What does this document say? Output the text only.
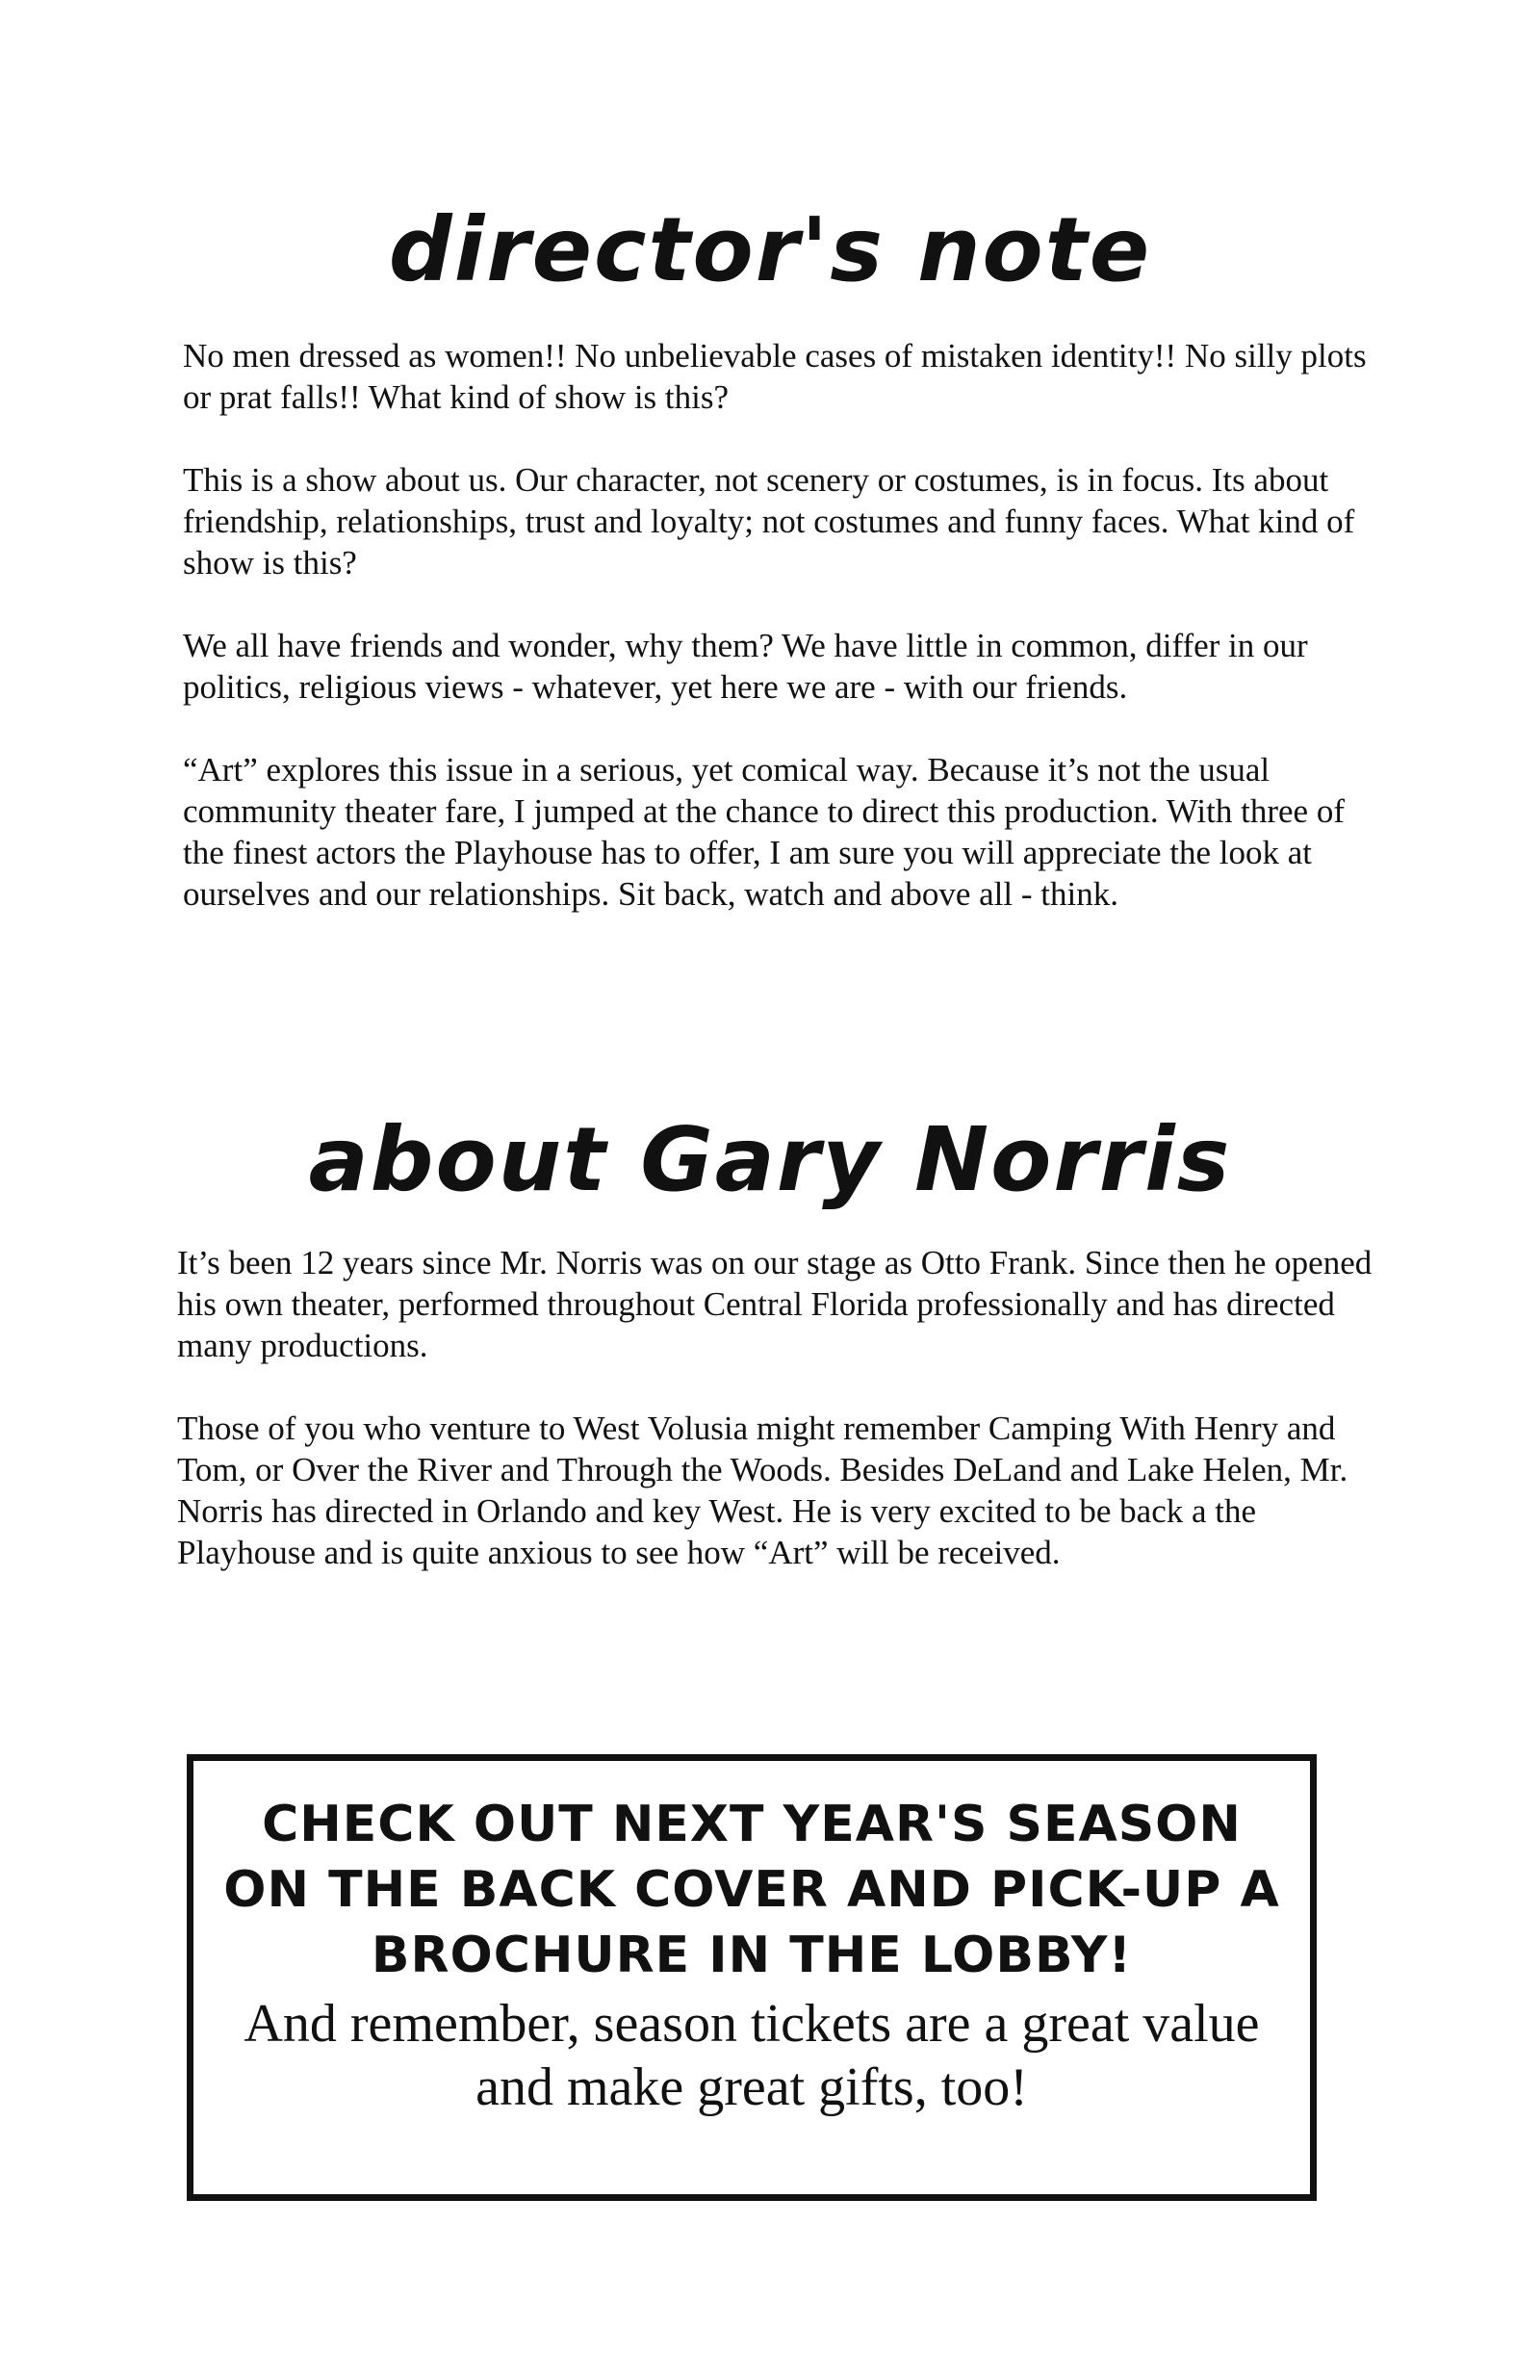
director's note

No men dressed as women!! No unbelievable cases of mistaken identity!! No silly plots or prat falls!! What kind of show is this?

This is a show about us. Our character, not scenery or costumes, is in focus. Its about friendship, relationships, trust and loyalty; not costumes and funny faces. What kind of show is this?

We all have friends and wonder, why them? We have little in common, differ in our politics, religious views - whatever, yet here we are - with our friends.

“Art” explores this issue in a serious, yet comical way. Because it’s not the usual community theater fare, I jumped at the chance to direct this production. With three of the finest actors the Playhouse has to offer, I am sure you will appreciate the look at ourselves and our relationships. Sit back, watch and above all - think.

about Gary Norris

It’s been 12 years since Mr. Norris was on our stage as Otto Frank. Since then he opened his own theater, performed throughout Central Florida professionally and has directed many productions.

Those of you who venture to West Volusia might remember Camping With Henry and Tom, or Over the River and Through the Woods. Besides DeLand and Lake Helen, Mr. Norris has directed in Orlando and key West. He is very excited to be back a the Playhouse and is quite anxious to see how “Art” will be received.

CHECK OUT NEXT YEAR'S SEASON ON THE BACK COVER AND PICK-UP A BROCHURE IN THE LOBBY!
And remember, season tickets are a great value and make great gifts, too!
